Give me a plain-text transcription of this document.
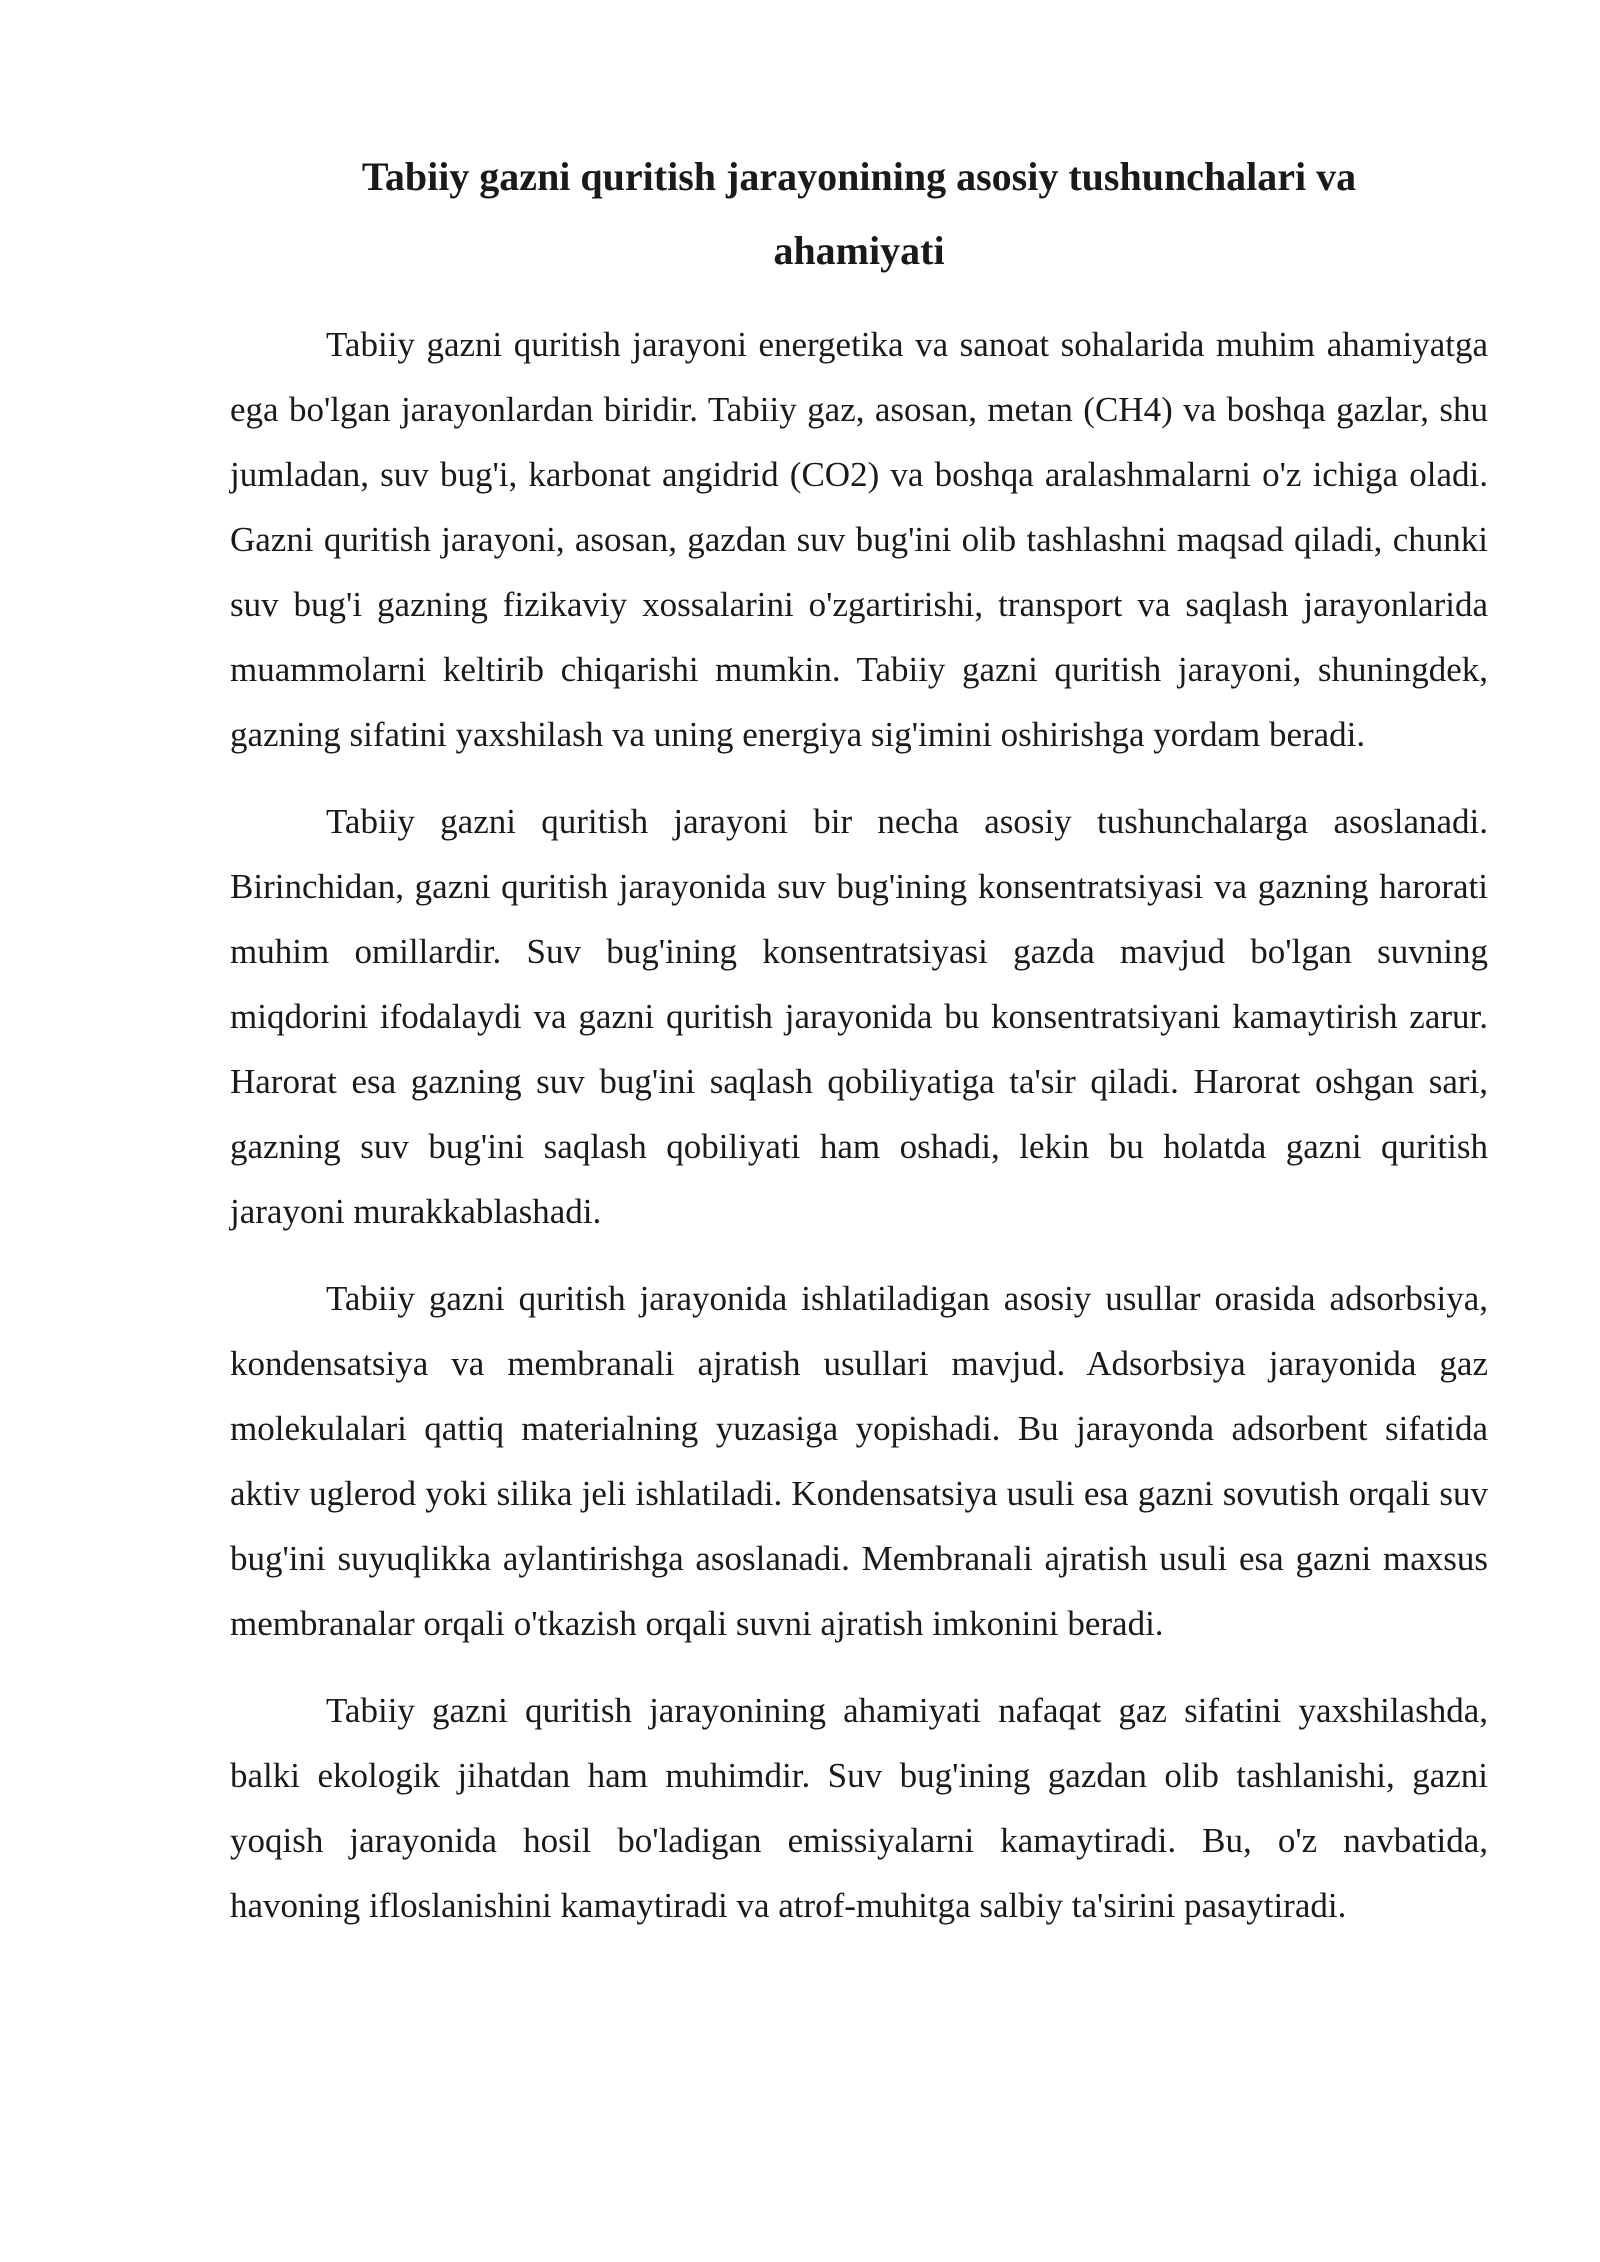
Tabiiy gazni quritish jarayonining asosiy tushunchalari va ahamiyati

Tabiiy gazni quritish jarayoni energetika va sanoat sohalarida muhim ahamiyatga ega bo'lgan jarayonlardan biridir. Tabiiy gaz, asosan, metan (CH4) va boshqa gazlar, shu jumladan, suv bug'i, karbonat angidrid (CO2) va boshqa aralashmalarni o'z ichiga oladi. Gazni quritish jarayoni, asosan, gazdan suv bug'ini olib tashlashni maqsad qiladi, chunki suv bug'i gazning fizikaviy xossalarini o'zgartirishi, transport va saqlash jarayonlarida muammolarni keltirib chiqarishi mumkin. Tabiiy gazni quritish jarayoni, shuningdek, gazning sifatini yaxshilash va uning energiya sig'imini oshirishga yordam beradi.

Tabiiy gazni quritish jarayoni bir necha asosiy tushunchalarga asoslanadi. Birinchidan, gazni quritish jarayonida suv bug'ining konsentratsiyasi va gazning harorati muhim omillardir. Suv bug'ining konsentratsiyasi gazda mavjud bo'lgan suvning miqdorini ifodalaydi va gazni quritish jarayonida bu konsentratsiyani kamaytirish zarur. Harorat esa gazning suv bug'ini saqlash qobiliyatiga ta'sir qiladi. Harorat oshgan sari, gazning suv bug'ini saqlash qobiliyati ham oshadi, lekin bu holatda gazni quritish jarayoni murakkablashadi.

Tabiiy gazni quritish jarayonida ishlatiladigan asosiy usullar orasida adsorbsiya, kondensatsiya va membranali ajratish usullari mavjud. Adsorbsiya jarayonida gaz molekulalari qattiq materialning yuzasiga yopishadi. Bu jarayonda adsorbent sifatida aktiv uglerod yoki silika jeli ishlatiladi. Kondensatsiya usuli esa gazni sovutish orqali suv bug'ini suyuqlikka aylantirishga asoslanadi. Membranali ajratish usuli esa gazni maxsus membranalar orqali o'tkazish orqali suvni ajratish imkonini beradi.

Tabiiy gazni quritish jarayonining ahamiyati nafaqat gaz sifatini yaxshilashda, balki ekologik jihatdan ham muhimdir. Suv bug'ining gazdan olib tashlanishi, gazni yoqish jarayonida hosil bo'ladigan emissiyalarni kamaytiradi. Bu, o'z navbatida, havoning ifloslanishini kamaytiradi va atrof-muhitga salbiy ta'sirini pasaytiradi.
